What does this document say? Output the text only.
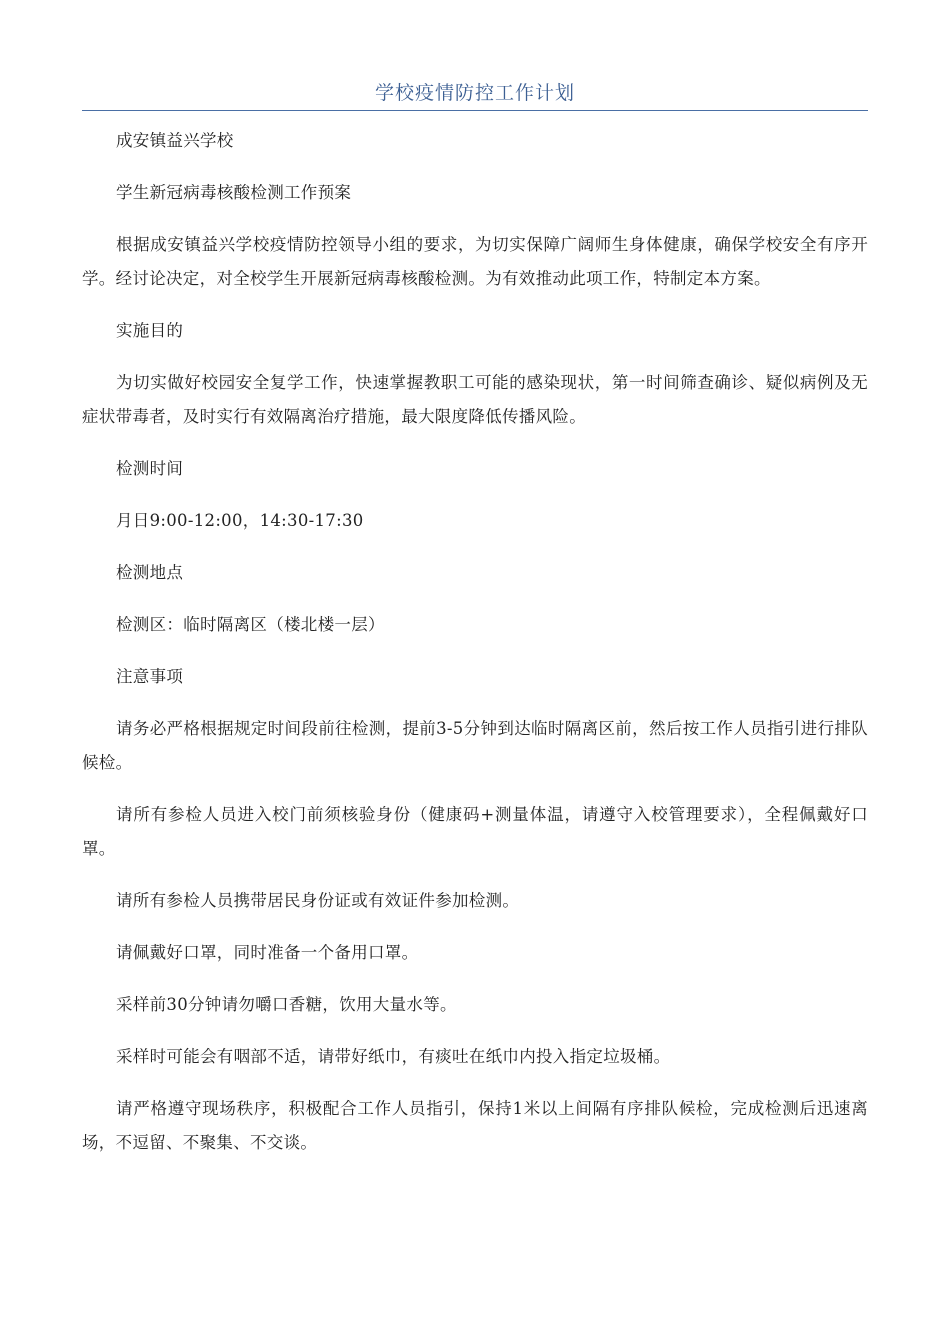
学校疫情防控工作计划

成安镇益兴学校

学生新冠病毒核酸检测工作预案

根据成安镇益兴学校疫情防控领导小组的要求，为切实保障广阔师生身体健康，确保学校安全有序开学。经讨论决定，对全校学生开展新冠病毒核酸检测。为有效推动此项工作，特制定本方案。

实施目的

为切实做好校园安全复学工作，快速掌握教职工可能的感染现状，第一时间筛查确诊、疑似病例及无症状带毒者，及时实行有效隔离治疗措施，最大限度降低传播风险。

检测时间

月日9:00-12:00，14:30-17:30

检测地点

检测区：临时隔离区（楼北楼一层）

注意事项

请务必严格根据规定时间段前往检测，提前3-5分钟到达临时隔离区前，然后按工作人员指引进行排队候检。

请所有参检人员进入校门前须核验身份（健康码+测量体温，请遵守入校管理要求），全程佩戴好口罩。

请所有参检人员携带居民身份证或有效证件参加检测。

请佩戴好口罩，同时准备一个备用口罩。

采样前30分钟请勿嚼口香糖，饮用大量水等。

采样时可能会有咽部不适，请带好纸巾，有痰吐在纸巾内投入指定垃圾桶。

请严格遵守现场秩序，积极配合工作人员指引，保持1米以上间隔有序排队候检，完成检测后迅速离场，不逗留、不聚集、不交谈。
